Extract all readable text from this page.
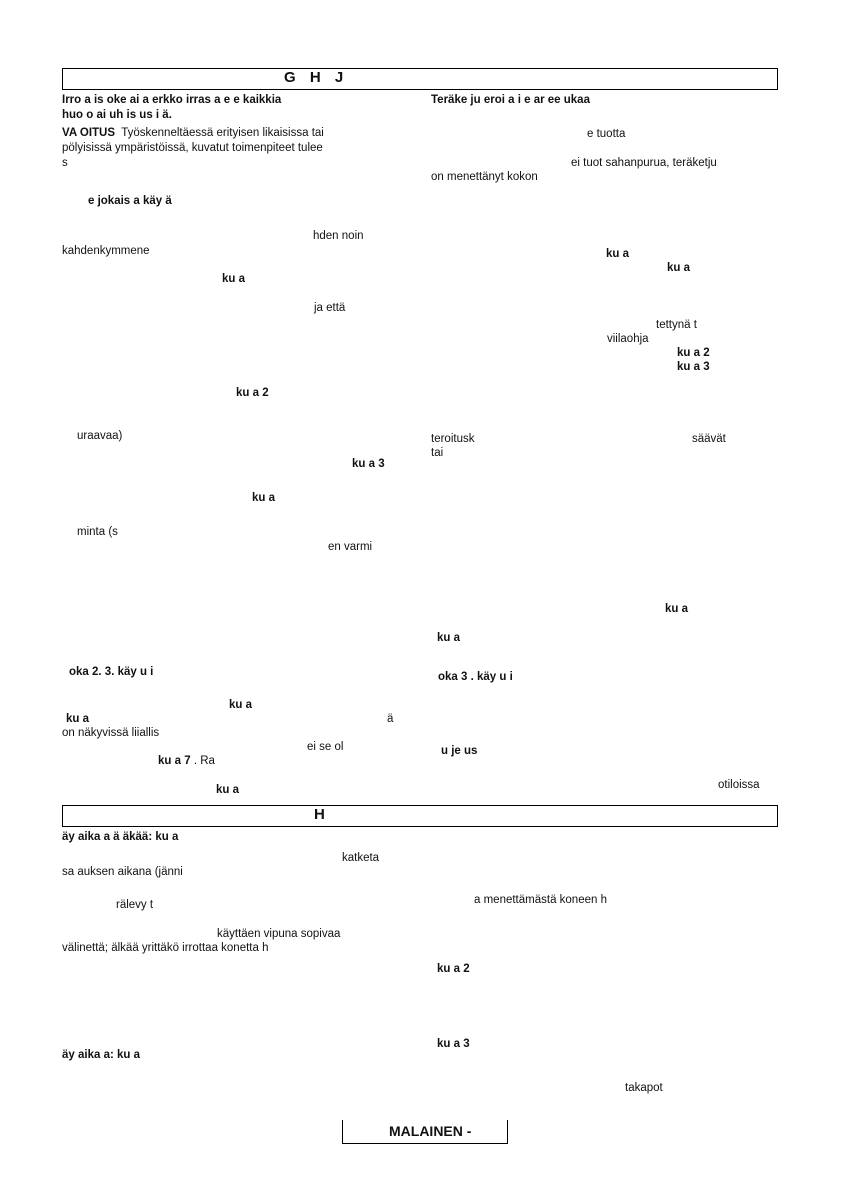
G H J
Irro a is oke ai a erkko irras a e e kaikkia
huo o ai uh is us i ä.
VA OITUS Työskenneltäessä erityisen likaisissa tai
pölyisissä ympäristöissä, kuvatut toimenpiteet tulee
s
e jokais a käy ä
hden noin
kahdenkymmene
ku a
ja että
ku a 2
uraavaa)
ku a 3
ku a
minta (s
en varmi
oka 2. 3. käy u i
ku a
ku a	ä
on näkyvissä liiallis
ei se ol
ku a 7 . Ra
ku a
Teräke ju eroi a i e ar ee ukaa
e tuotta
ei tuot sahanpurua, teräketju
on menettänyt kokon
ku a
ku a
tettynä t
viilaohja
ku a 2
ku a 3
teroitusk	säävät
tai
ku a
ku a
oka 3 . käy u i
u je us
otiloissa
H
äy aika a ä äkää: ku a
katketa
sa auksen aikana (jänni
rälevy t
käyttäen vipuna sopivaa
välinettä; älkää yrittäkö irrottaa konetta h
äy aika a: ku a
a menettämästä koneen h
ku a 2
ku a 3
takapot
MALAINEN -
